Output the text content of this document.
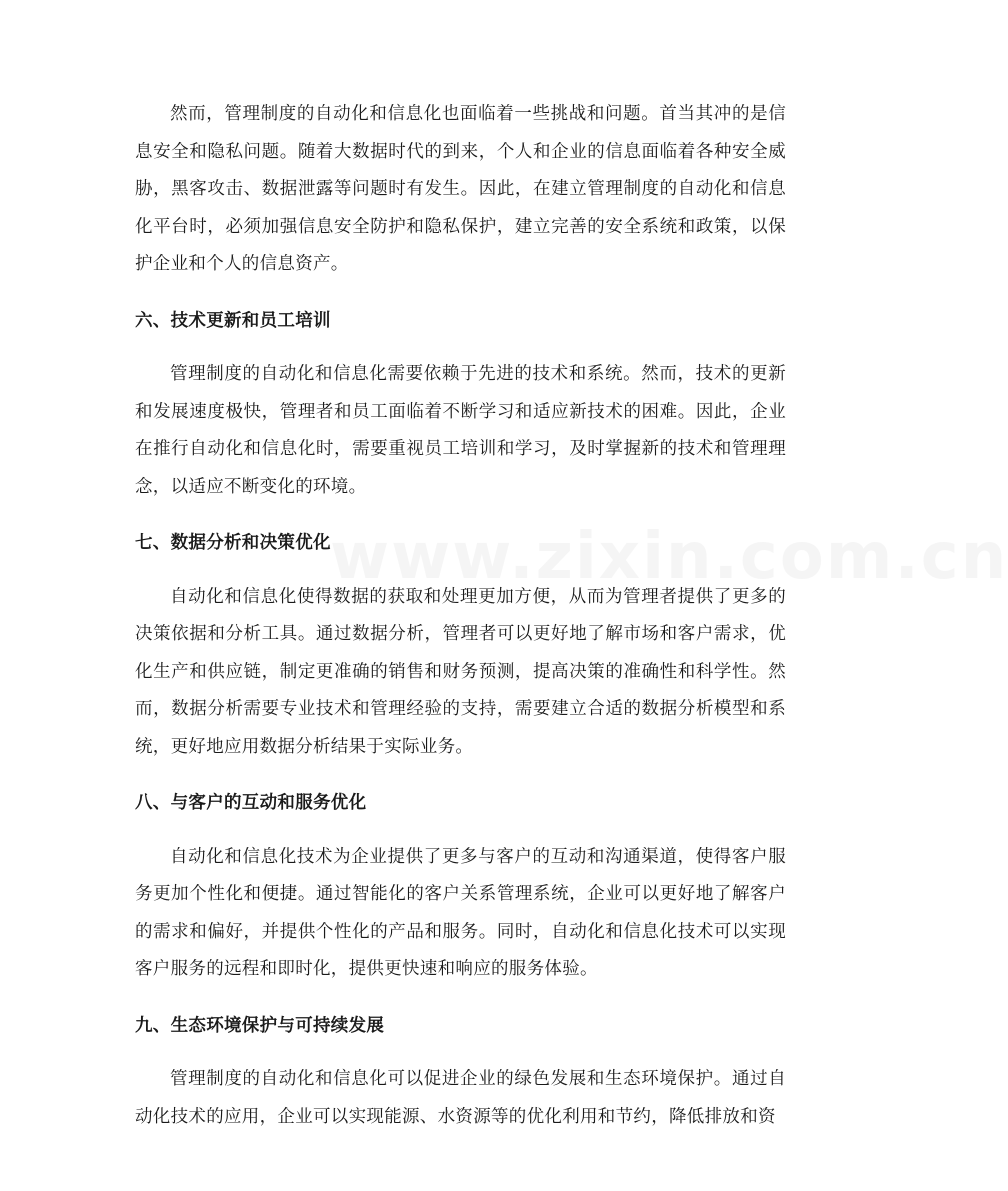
www.zixin.com.cn

然而，管理制度的自动化和信息化也面临着一些挑战和问题。首当其冲的是信息安全和隐私问题。随着大数据时代的到来，个人和企业的信息面临着各种安全威胁，黑客攻击、数据泄露等问题时有发生。因此，在建立管理制度的自动化和信息化平台时，必须加强信息安全防护和隐私保护，建立完善的安全系统和政策，以保护企业和个人的信息资产。

六、技术更新和员工培训

管理制度的自动化和信息化需要依赖于先进的技术和系统。然而，技术的更新和发展速度极快，管理者和员工面临着不断学习和适应新技术的困难。因此，企业在推行自动化和信息化时，需要重视员工培训和学习，及时掌握新的技术和管理理念，以适应不断变化的环境。

七、数据分析和决策优化

自动化和信息化使得数据的获取和处理更加方便，从而为管理者提供了更多的决策依据和分析工具。通过数据分析，管理者可以更好地了解市场和客户需求，优化生产和供应链，制定更准确的销售和财务预测，提高决策的准确性和科学性。然而，数据分析需要专业技术和管理经验的支持，需要建立合适的数据分析模型和系统，更好地应用数据分析结果于实际业务。

八、与客户的互动和服务优化

自动化和信息化技术为企业提供了更多与客户的互动和沟通渠道，使得客户服务更加个性化和便捷。通过智能化的客户关系管理系统，企业可以更好地了解客户的需求和偏好，并提供个性化的产品和服务。同时，自动化和信息化技术可以实现客户服务的远程和即时化，提供更快速和响应的服务体验。

九、生态环境保护与可持续发展

管理制度的自动化和信息化可以促进企业的绿色发展和生态环境保护。通过自动化技术的应用，企业可以实现能源、水资源等的优化利用和节约，降低排放和资
